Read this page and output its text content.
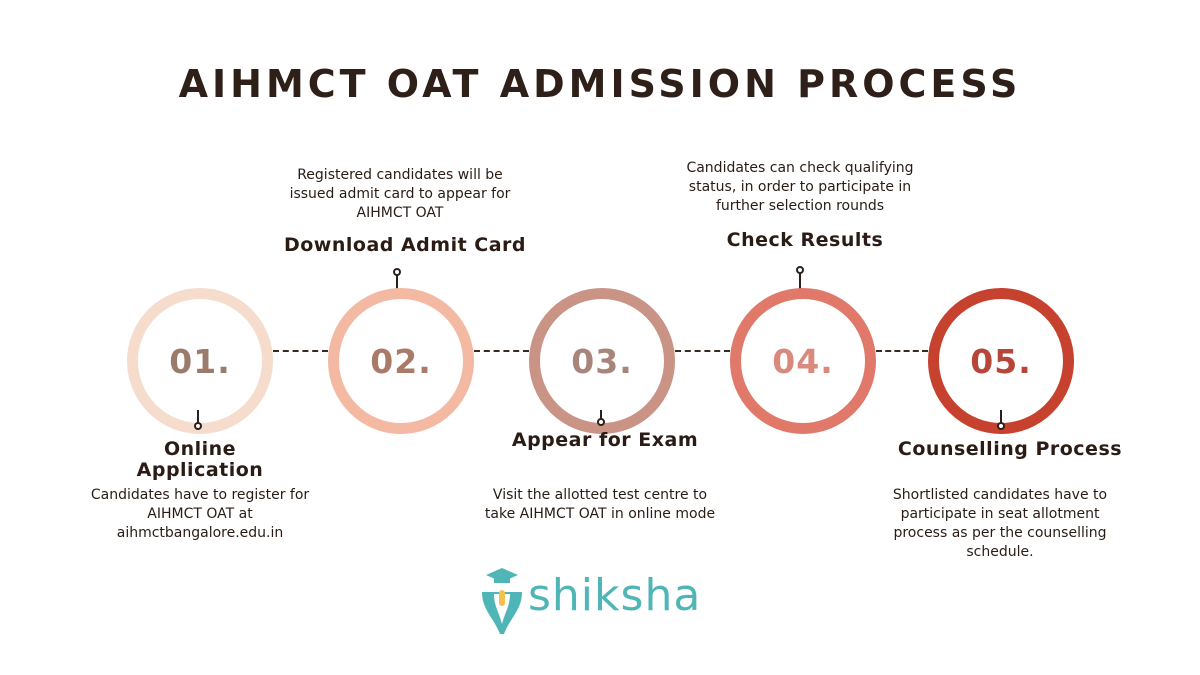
AIHMCT OAT ADMISSION PROCESS
01.
Online
Application
Candidates have to register for
AIHMCT OAT at
aihmctbangalore.edu.in
Registered candidates will be
issued admit card to appear for
AIHMCT OAT
Download Admit Card
02.	03.
Appear for Exam
Visit the allotted test centre to
take AIHMCT OAT in online mode
Candidates can check qualifying
status, in order to participate in
further selection rounds
Check Results
04.	05.
Counselling Process
Shortlisted candidates have to
participate in seat allotment
process as per the counselling
schedule.
shiksha
